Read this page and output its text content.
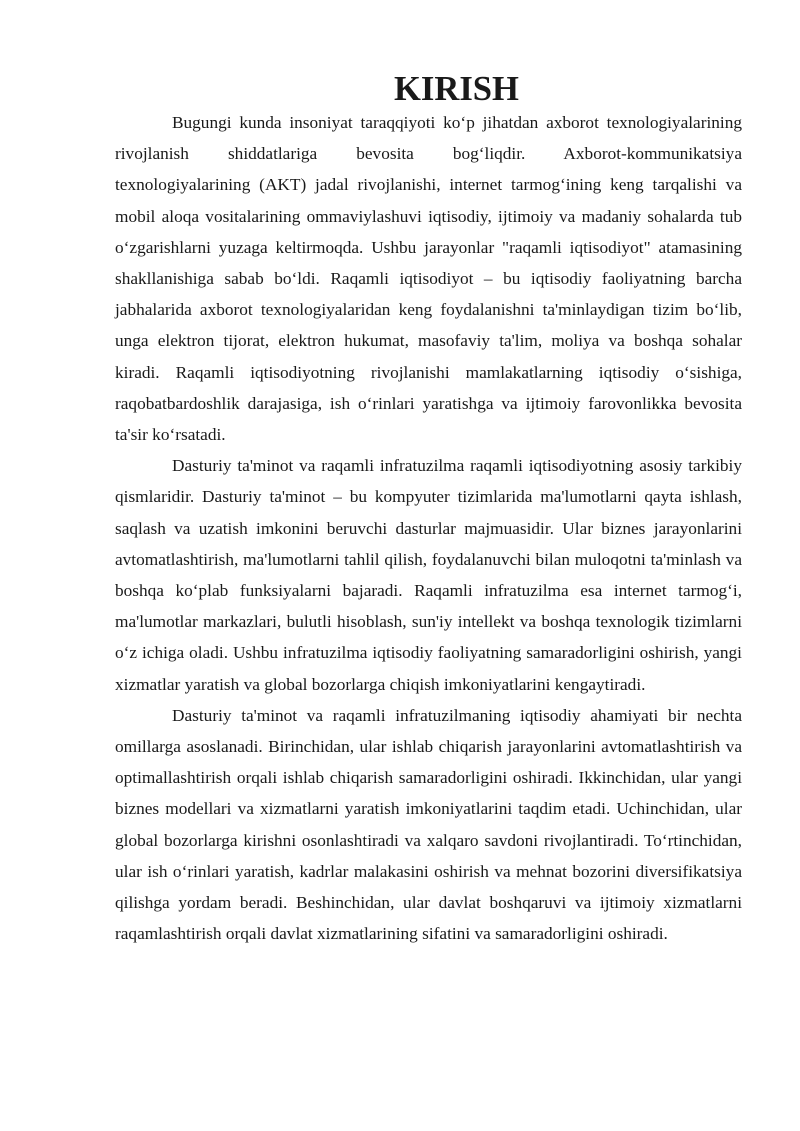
KIRISH

Bugungi kunda insoniyat taraqqiyoti ko‘p jihatdan axborot texnologiyalarining rivojlanish shiddatlariga bevosita bog‘liqdir. Axborot-kommunikatsiya texnologiyalarining (AKT) jadal rivojlanishi, internet tarmog‘ining keng tarqalishi va mobil aloqa vositalarining ommaviylashuvi iqtisodiy, ijtimoiy va madaniy sohalarda tub o‘zgarishlarni yuzaga keltirmoqda. Ushbu jarayonlar "raqamli iqtisodiyot" atamasining shakllanishiga sabab bo‘ldi. Raqamli iqtisodiyot – bu iqtisodiy faoliyatning barcha jabhalarida axborot texnologiyalaridan keng foydalanishni ta'minlaydigan tizim bo‘lib, unga elektron tijorat, elektron hukumat, masofaviy ta'lim, moliya va boshqa sohalar kiradi. Raqamli iqtisodiyotning rivojlanishi mamlakatlarning iqtisodiy o‘sishiga, raqobatbardoshlik darajasiga, ish o‘rinlari yaratishga va ijtimoiy farovonlikka bevosita ta'sir ko‘rsatadi.

Dasturiy ta'minot va raqamli infratuzilma raqamli iqtisodiyotning asosiy tarkibiy qismlaridir. Dasturiy ta'minot – bu kompyuter tizimlarida ma'lumotlarni qayta ishlash, saqlash va uzatish imkonini beruvchi dasturlar majmuasidir. Ular biznes jarayonlarini avtomatlashtirish, ma'lumotlarni tahlil qilish, foydalanuvchi bilan muloqotni ta'minlash va boshqa ko‘plab funksiyalarni bajaradi. Raqamli infratuzilma esa internet tarmog‘i, ma'lumotlar markazlari, bulutli hisoblash, sun'iy intellekt va boshqa texnologik tizimlarni o‘z ichiga oladi. Ushbu infratuzilma iqtisodiy faoliyatning samaradorligini oshirish, yangi xizmatlar yaratish va global bozorlarga chiqish imkoniyatlarini kengaytiradi.

Dasturiy ta'minot va raqamli infratuzilmaning iqtisodiy ahamiyati bir nechta omillarga asoslanadi. Birinchidan, ular ishlab chiqarish jarayonlarini avtomatlashtirish va optimallashtirish orqali ishlab chiqarish samaradorligini oshiradi. Ikkinchidan, ular yangi biznes modellari va xizmatlarni yaratish imkoniyatlarini taqdim etadi. Uchinchidan, ular global bozorlarga kirishni osonlashtiradi va xalqaro savdoni rivojlantiradi. To‘rtinchidan, ular ish o‘rinlari yaratish, kadrlar malakasini oshirish va mehnat bozorini diversifikatsiya qilishga yordam beradi. Beshinchidan, ular davlat boshqaruvi va ijtimoiy xizmatlarni raqamlashtirish orqali davlat xizmatlarining sifatini va samaradorligini oshiradi.
